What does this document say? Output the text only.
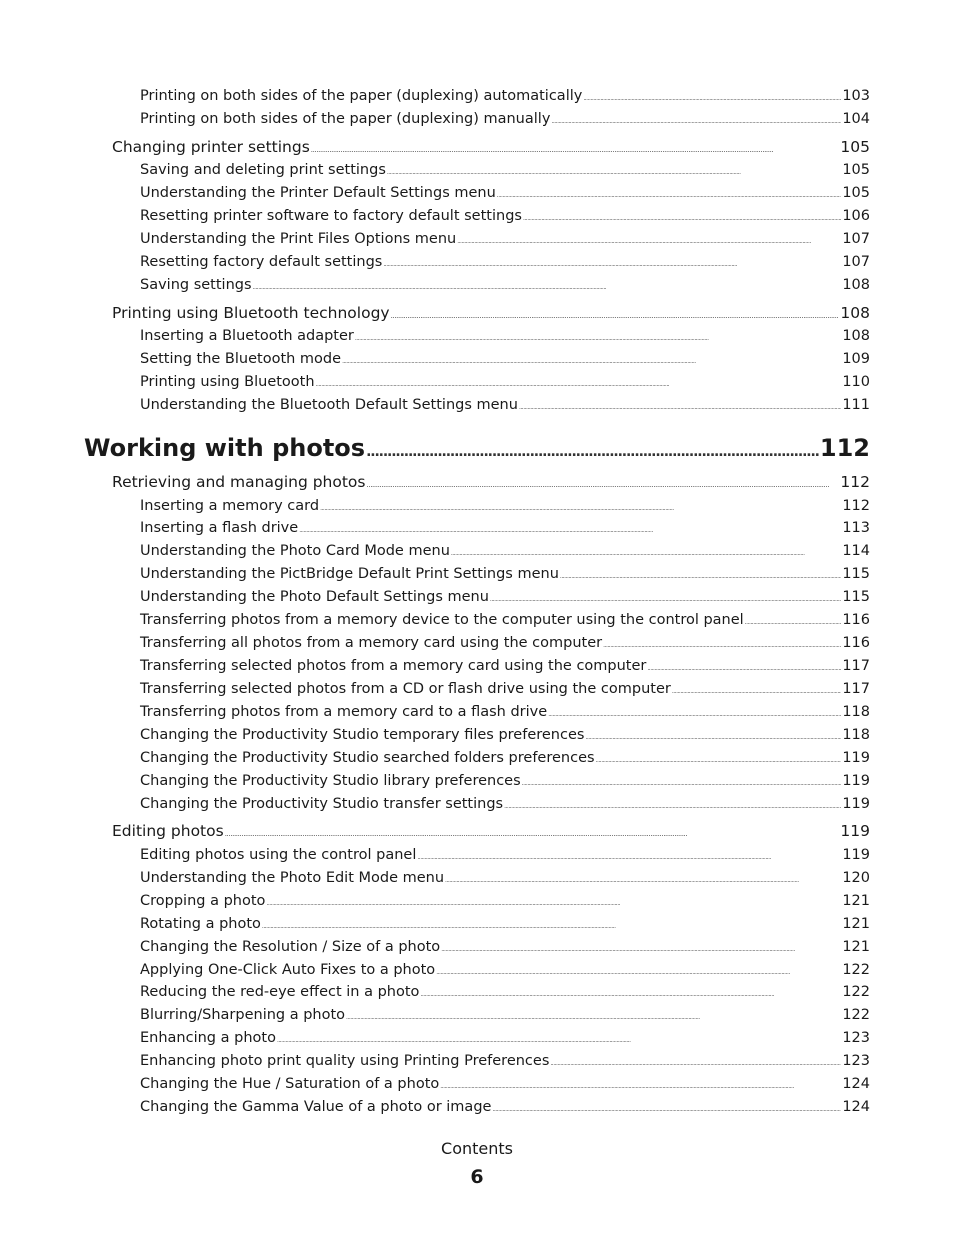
Printing on both sides of the paper (duplexing) automatically . . .	103
Printing on both sides of the paper (duplexing) manually . . .	104
Changing printer settings . . .	105
Saving and deleting print settings . . .	105
Understanding the Printer Default Settings menu . . .	105
Resetting printer software to factory default settings . . .	106
Understanding the Print Files Options menu . . .	107
Resetting factory default settings . . .	107
Saving settings . . .	108
Printing using Bluetooth technology . . .	108
Inserting a Bluetooth adapter . . .	108
Setting the Bluetooth mode . . .	109
Printing using Bluetooth . . .	110
Understanding the Bluetooth Default Settings menu . . .	111
Working with photos . . .	112
Retrieving and managing photos . . .	112
Inserting a memory card . . .	112
Inserting a flash drive . . .	113
Understanding the Photo Card Mode menu . . .	114
Understanding the PictBridge Default Print Settings menu . . .	115
Understanding the Photo Default Settings menu . . .	115
Transferring photos from a memory device to the computer using the control panel . . .	116
Transferring all photos from a memory card using the computer . . .	116
Transferring selected photos from a memory card using the computer . . .	117
Transferring selected photos from a CD or flash drive using the computer . . .	117
Transferring photos from a memory card to a flash drive . . .	118
Changing the Productivity Studio temporary files preferences . . .	118
Changing the Productivity Studio searched folders preferences . . .	119
Changing the Productivity Studio library preferences . . .	119
Changing the Productivity Studio transfer settings . . .	119
Editing photos . . .	119
Editing photos using the control panel . . .	119
Understanding the Photo Edit Mode menu . . .	120
Cropping a photo . . .	121
Rotating a photo . . .	121
Changing the Resolution / Size of a photo . . .	121
Applying One-Click Auto Fixes to a photo . . .	122
Reducing the red-eye effect in a photo . . .	122
Blurring/Sharpening a photo . . .	122
Enhancing a photo . . .	123
Enhancing photo print quality using Printing Preferences . . .	123
Changing the Hue / Saturation of a photo . . .	124
Changing the Gamma Value of a photo or image . . .	124
Contents
6
